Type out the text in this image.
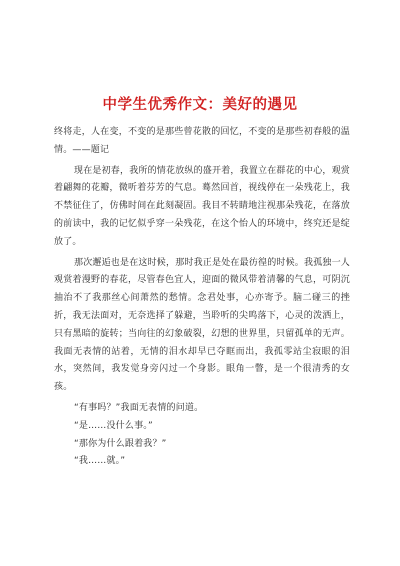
中学生优秀作文：美好的遇见

终将走，人在变，不变的是那些曾花散的回忆，不变的是那些初春般的温情。——题记

现在是初春，我所的情花放纵的盛开着，我置立在群花的中心，观赏着翩舞的花瓣，微听着芬芳的气息。蓦然回首，视线停在一朵残花上，我不禁征住了，仿佛时间在此刻凝固。我目不转睛地注视那朵残花，在落放的前读中，我的记忆似乎穿一朵残花，在这个怡人的环境中，终究还是绽放了。

那次邂逅也是在这时候，那时我正是处在最彷徨的时候。我孤独一人观赏着漫野的春花，尽管春色宜人，迎面的微风带着清馨的气息，可阴沉抽治不了我那丝心间萧然的愁情。念君处事，心亦寄予。脑二碰三的挫折，我无法面对，无奈选择了躲避，当聆听的尖鸣落下，心灵的泼洒上，只有黑暗的旋转；当向往的幻象破裂，幻想的世界里，只留孤单的无声。我面无表情的站着，无情的泪水却早已夺眶而出，我孤零站尘寂眼的泪水，突然间，我发觉身旁闪过一个身影。眼角一瞥，是一个很清秀的女孩。

“有事吗？”我面无表情的问道。

“是……没什么事。”

“那你为什么跟着我？”

“我……就。”
